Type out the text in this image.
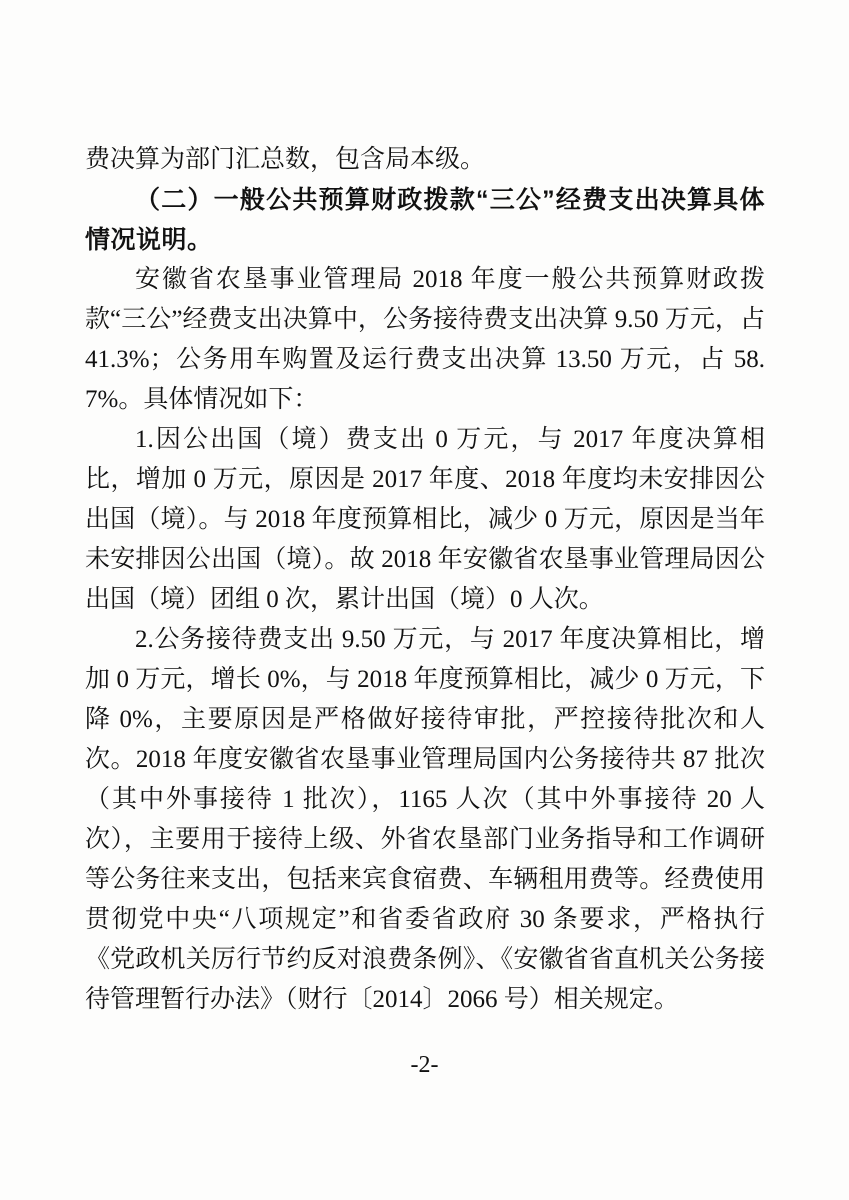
费决算为部门汇总数，包含局本级。

（二）一般公共预算财政拨款“三公”经费支出决算具体情况说明。

安徽省农垦事业管理局 2018 年度一般公共预算财政拨款“三公”经费支出决算中，公务接待费支出决算 9.50 万元，占 41.3%；公务用车购置及运行费支出决算 13.50 万元，占 58.7%。具体情况如下：

1.因公出国（境）费支出 0 万元，与 2017 年度决算相比，增加 0 万元，原因是 2017 年度、2018 年度均未安排因公出国（境）。与 2018 年度预算相比，减少 0 万元，原因是当年未安排因公出国（境）。故 2018 年安徽省农垦事业管理局因公出国（境）团组 0 次，累计出国（境）0 人次。

2.公务接待费支出 9.50 万元，与 2017 年度决算相比，增加 0 万元，增长 0%，与 2018 年度预算相比，减少 0 万元，下降 0%，主要原因是严格做好接待审批，严控接待批次和人次。2018 年度安徽省农垦事业管理局国内公务接待共 87 批次（其中外事接待 1 批次），1165 人次（其中外事接待 20 人次），主要用于接待上级、外省农垦部门业务指导和工作调研等公务往来支出，包括来宾食宿费、车辆租用费等。经费使用贯彻党中央“八项规定”和省委省政府 30 条要求，严格执行《党政机关厉行节约反对浪费条例》、《安徽省省直机关公务接待管理暂行办法》（财行〔2014〕2066 号）相关规定。

-2-
